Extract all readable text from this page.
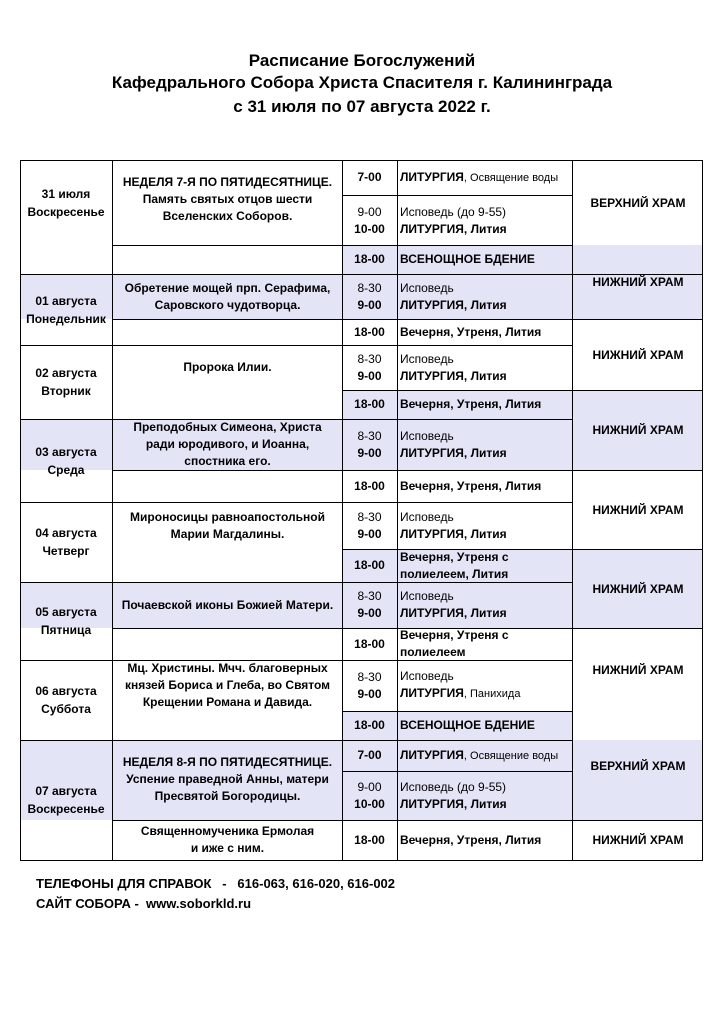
Расписание Богослужений
Кафедрального Собора Христа Спасителя г. Калининграда
с 31 июля по 07 августа 2022 г.
31 июля
Воскресенье
НЕДЕЛЯ 7-Я ПО ПЯТИДЕСЯТНИЦЕ.
Память святых отцов шести Вселенских Соборов.
7-00 ЛИТУРГИЯ, Освящение воды
9-00
10-00
Исповедь (до 9-55)
ЛИТУРГИЯ, Лития
18-00 ВСЕНОЩНОЕ БДЕНИЕ
ВЕРХНИЙ ХРАМ
01 августа
Понедельник
Обретение мощей прп. Серафима, Саровского чудотворца.
8-30
9-00
Исповедь
ЛИТУРГИЯ, Лития
18-00 Вечерня, Утреня, Лития
НИЖНИЙ ХРАМ
02 августа
Вторник
Пророка Илии.
8-30
9-00
Исповедь
ЛИТУРГИЯ, Лития
18-00 Вечерня, Утреня, Лития
НИЖНИЙ ХРАМ
03 августа
Среда
Преподобных Симеона, Христа ради юродивого, и Иоанна, спостника его.
8-30
9-00
Исповедь
ЛИТУРГИЯ, Лития
18-00 Вечерня, Утреня, Лития
НИЖНИЙ ХРАМ
04 августа
Четверг
Мироносицы равноапостольной Марии Магдалины.
8-30
9-00
Исповедь
ЛИТУРГИЯ, Лития
18-00
Вечерня, Утреня с
полиелеем, Лития
НИЖНИЙ ХРАМ
05 августа
Пятница
Почаевской иконы Божией Матери.
8-30
9-00
Исповедь
ЛИТУРГИЯ, Лития
18-00
Вечерня, Утреня с
полиелеем
НИЖНИЙ ХРАМ
06 августа
Суббота
Мц. Христины. Мчч. благоверных князей Бориса и Глеба, во Святом Крещении Романа и Давида.
8-30
9-00
Исповедь
ЛИТУРГИЯ, Панихида
18-00 ВСЕНОЩНОЕ БДЕНИЕ
НИЖНИЙ ХРАМ
07 августа
Воскресенье
НЕДЕЛЯ 8-Я ПО ПЯТИДЕСЯТНИЦЕ.
Успение праведной Анны, матери Пресвятой Богородицы.
Священномученика Ермолая
и иже с ним.
7-00 ЛИТУРГИЯ, Освящение воды
9-00
10-00
Исповедь (до 9-55)
ЛИТУРГИЯ, Лития
18-00 Вечерня, Утреня, Лития
ВЕРХНИЙ ХРАМ
НИЖНИЙ ХРАМ
ТЕЛЕФОНЫ ДЛЯ СПРАВОК   -   616-063, 616-020, 616-002
САЙТ СОБОРА -  www.soborkld.ru
